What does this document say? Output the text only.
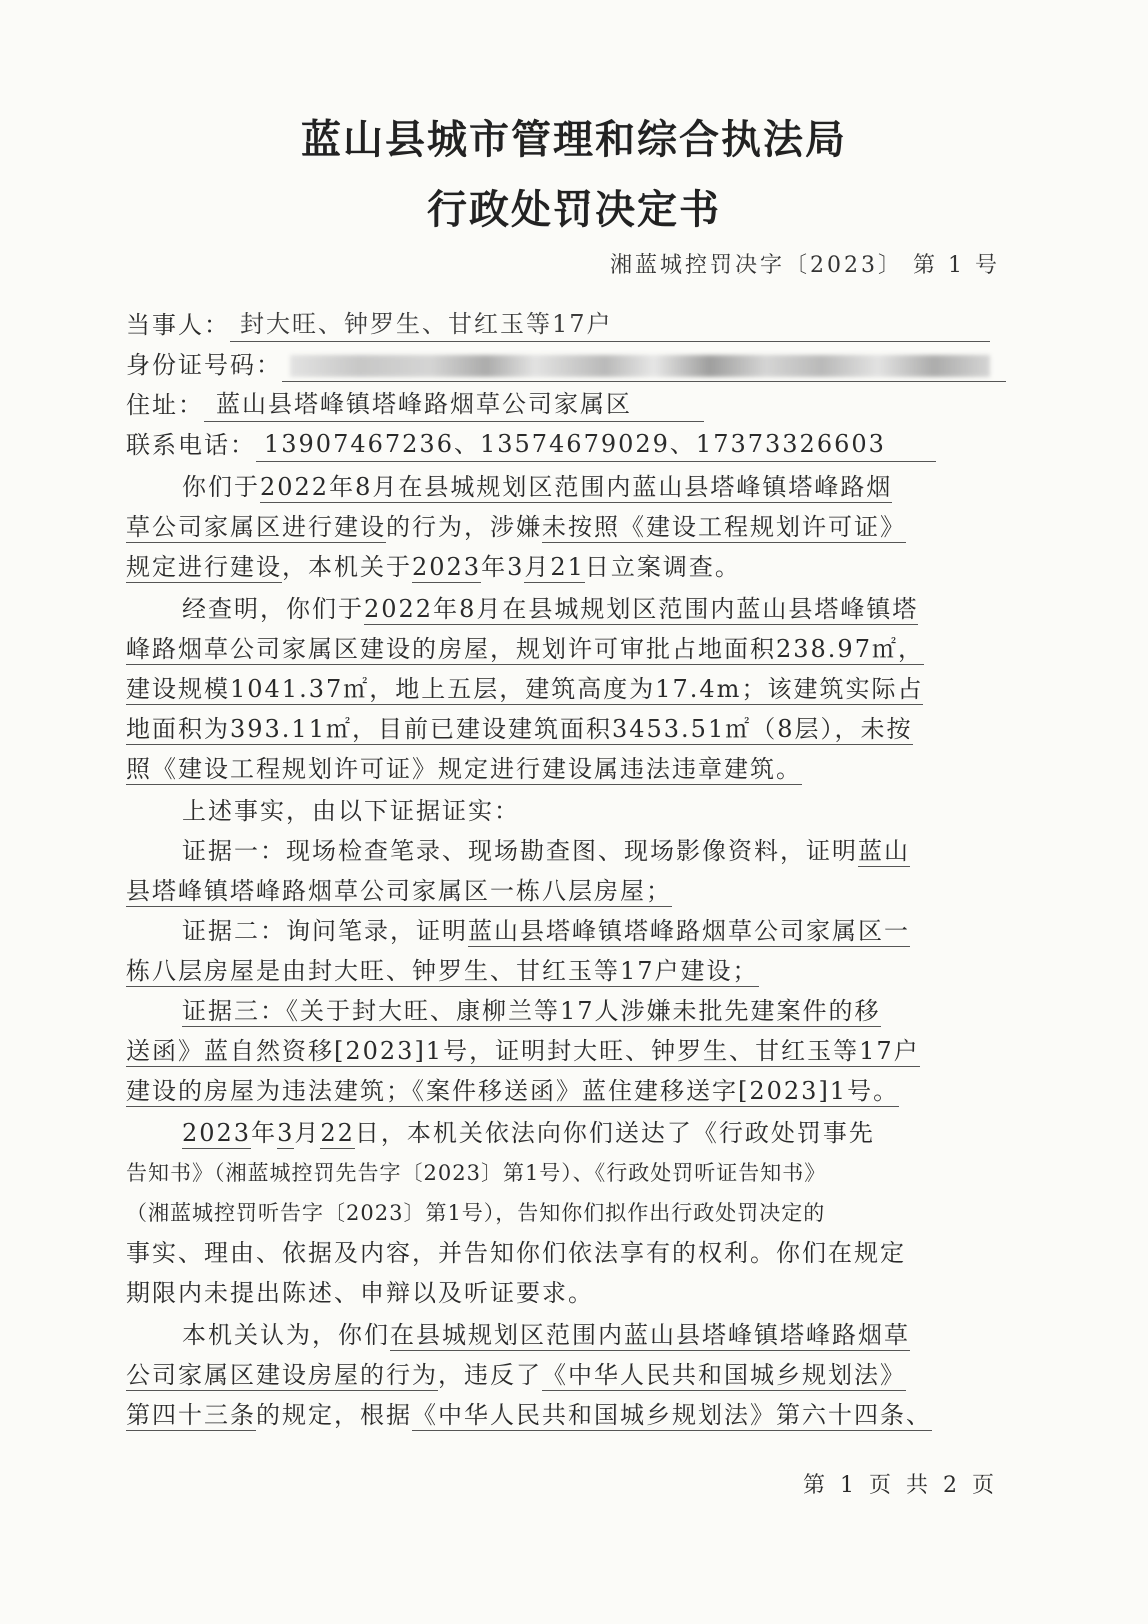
蓝山县城市管理和综合执法局
行政处罚决定书
湘蓝城控罚决字〔2023〕 第 1 号
当事人： 封大旺、钟罗生、甘红玉等17户
身份证号码：
住址： 蓝山县塔峰镇塔峰路烟草公司家属区
联系电话： 13907467236、13574679029、17373326603
你们于2022年8月在县城规划区范围内蓝山县塔峰镇塔峰路烟
草公司家属区进行建设的行为，涉嫌未按照《建设工程规划许可证》
规定进行建设，本机关于2023年3月21日立案调查。
经查明，你们于2022年8月在县城规划区范围内蓝山县塔峰镇塔
峰路烟草公司家属区建设的房屋，规划许可审批占地面积238.97㎡，
建设规模1041.37㎡，地上五层，建筑高度为17.4m；该建筑实际占
地面积为393.11㎡，目前已建设建筑面积3453.51㎡（8层），未按
照《建设工程规划许可证》规定进行建设属违法违章建筑。
上述事实，由以下证据证实：
证据一：现场检查笔录、现场勘查图、现场影像资料，证明蓝山
县塔峰镇塔峰路烟草公司家属区一栋八层房屋；
证据二：询问笔录，证明蓝山县塔峰镇塔峰路烟草公司家属区一
栋八层房屋是由封大旺、钟罗生、甘红玉等17户建设；
证据三：《关于封大旺、康柳兰等17人涉嫌未批先建案件的移
送函》蓝自然资移[2023]1号，证明封大旺、钟罗生、甘红玉等17户
建设的房屋为违法建筑；《案件移送函》蓝住建移送字[2023]1号。
2023年3月22日，本机关依法向你们送达了《行政处罚事先
告知书》（湘蓝城控罚先告字〔2023〕第1号）、《行政处罚听证告知书》
（湘蓝城控罚听告字〔2023〕第1号），告知你们拟作出行政处罚决定的
事实、理由、依据及内容，并告知你们依法享有的权利。你们在规定
期限内未提出陈述、申辩以及听证要求。
本机关认为，你们在县城规划区范围内蓝山县塔峰镇塔峰路烟草
公司家属区建设房屋的行为，违反了《中华人民共和国城乡规划法》
第四十三条的规定，根据《中华人民共和国城乡规划法》第六十四条、
第 1 页 共 2 页
